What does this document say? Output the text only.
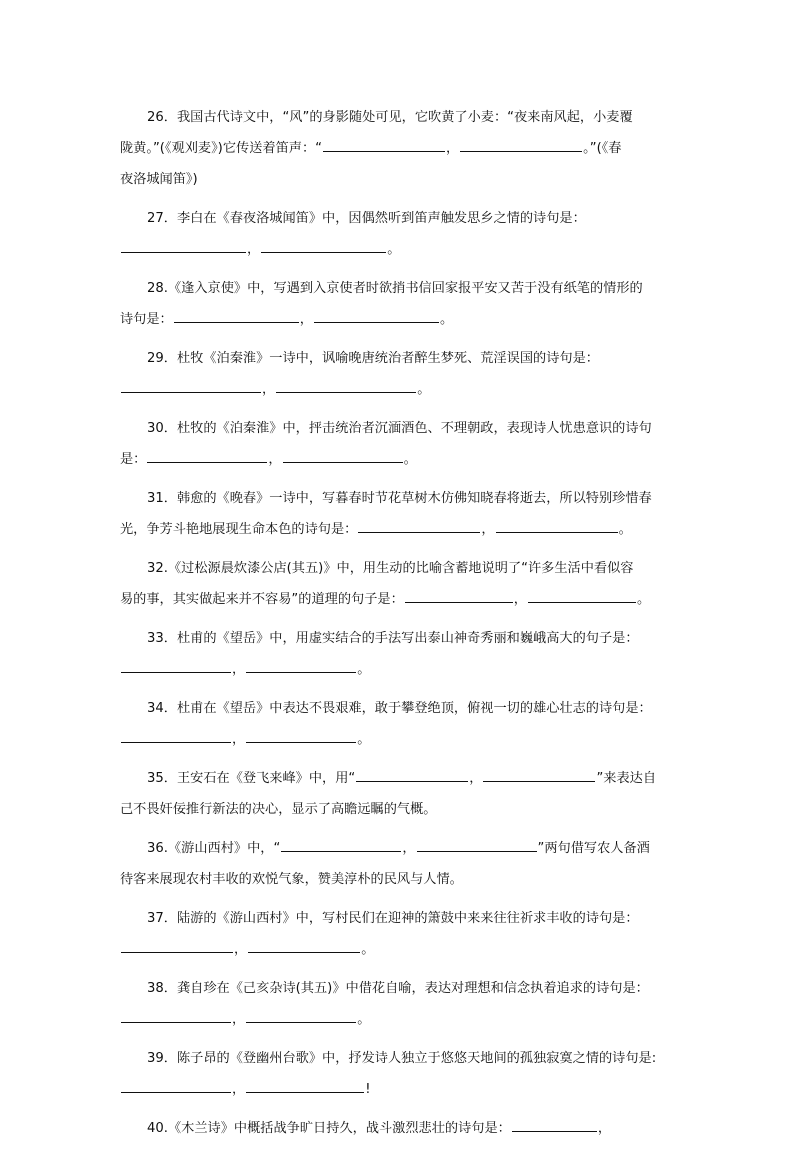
26．我国古代诗文中，“风”的身影随处可见，它吹黄了小麦：“夜来南风起，小麦覆
陇黄。”(《观刈麦》)它传送着笛声：“	，	。”(《春
夜洛城闻笛》)
27．李白在《春夜洛城闻笛》中，因偶然听到笛声触发思乡之情的诗句是：
，	。
28.《逢入京使》中，写遇到入京使者时欲捎书信回家报平安又苦于没有纸笔的情形的
诗句是：	，	。
29．杜牧《泊秦淮》一诗中，讽喻晚唐统治者醉生梦死、荒淫误国的诗句是：
，	。
30．杜牧的《泊秦淮》中，抨击统治者沉湎酒色、不理朝政，表现诗人忧患意识的诗句
是：	，	。
31．韩愈的《晚春》一诗中，写暮春时节花草树木仿佛知晓春将逝去，所以特别珍惜春
光，争芳斗艳地展现生命本色的诗句是：	，	。
32.《过松源晨炊漆公店(其五)》中，用生动的比喻含蓄地说明了“许多生活中看似容
易的事，其实做起来并不容易”的道理的句子是：	，	。
33．杜甫的《望岳》中，用虚实结合的手法写出泰山神奇秀丽和巍峨高大的句子是：
，	。
34．杜甫在《望岳》中表达不畏艰难，敢于攀登绝顶，俯视一切的雄心壮志的诗句是：
，	。
35．王安石在《登飞来峰》中，用“	，	”来表达自
己不畏奸佞推行新法的决心，显示了高瞻远瞩的气概。
36.《游山西村》中，“	，	”两句借写农人备酒
待客来展现农村丰收的欢悦气象，赞美淳朴的民风与人情。
37．陆游的《游山西村》中，写村民们在迎神的箫鼓中来来往往祈求丰收的诗句是：
，	。
38．龚自珍在《己亥杂诗(其五)》中借花自喻，表达对理想和信念执着追求的诗句是：
，	。
39．陈子昂的《登幽州台歌》中，抒发诗人独立于悠悠天地间的孤独寂寞之情的诗句是:
，	!
40.《木兰诗》中概括战争旷日持久，战斗激烈悲壮的诗句是：	，
